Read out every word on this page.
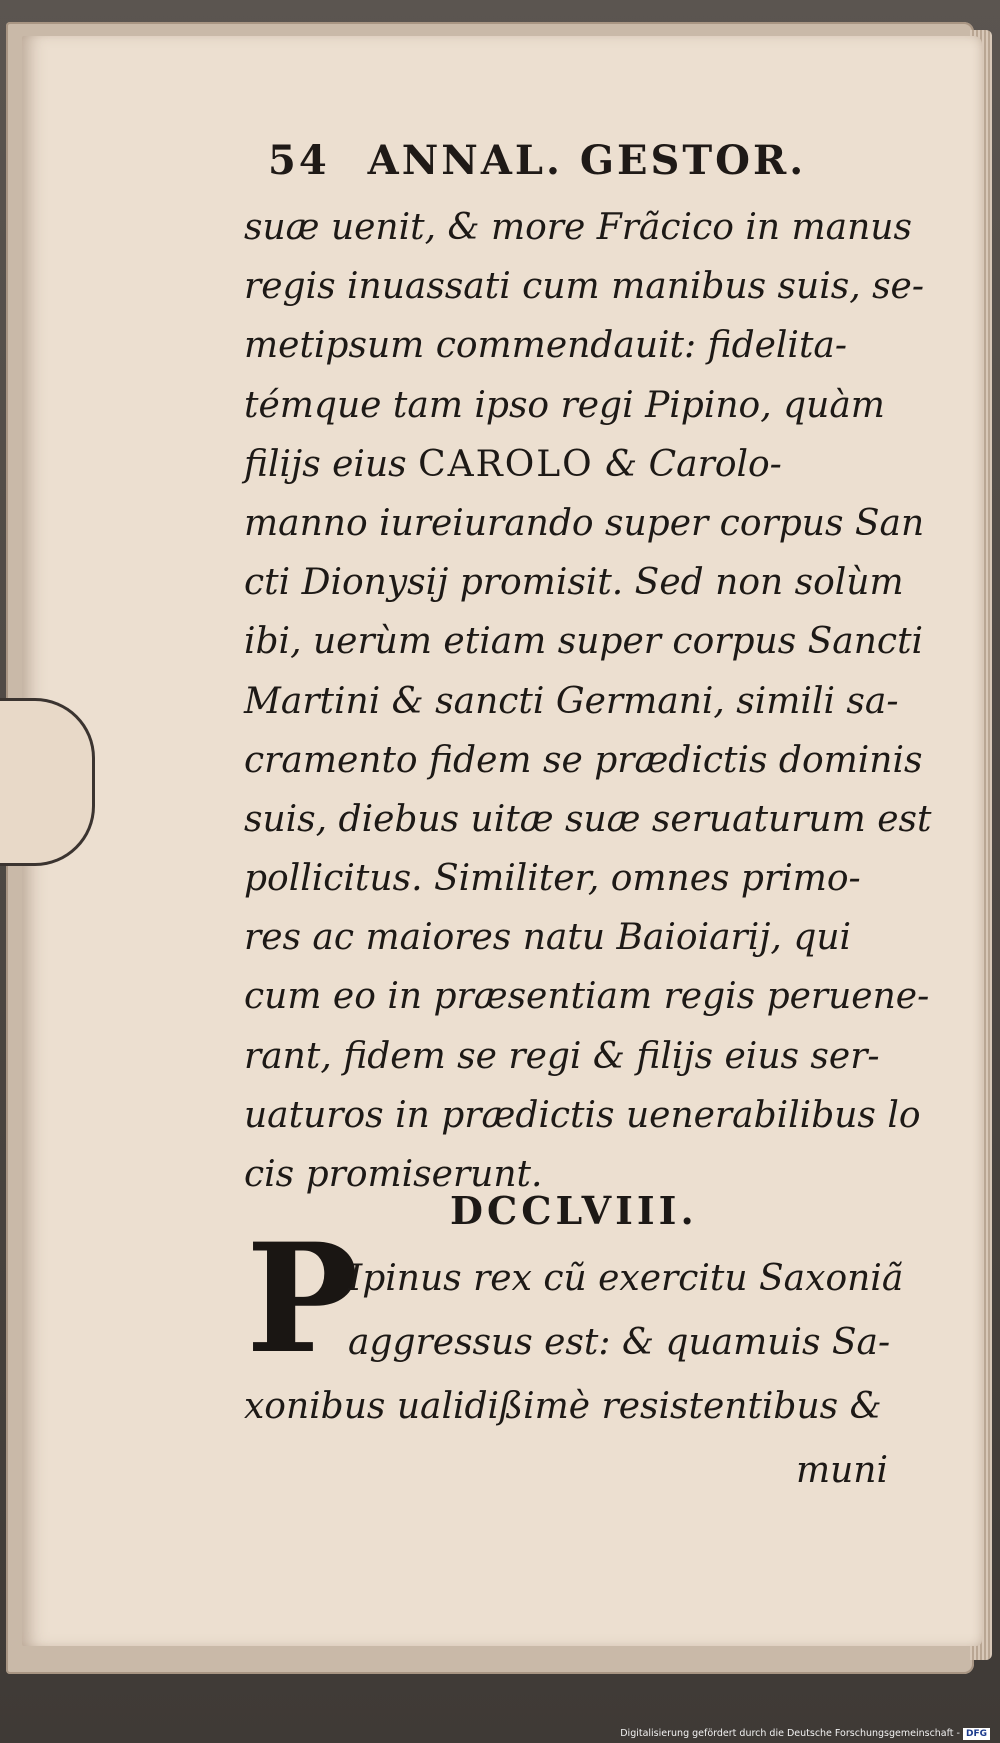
54 ANNAL. GESTOR.
suæ uenit, & more Frãcico in manus
regis inuassati cum manibus suis, se-
metipsum commendauit: fidelita-
témque tam ipso regi Pipino, quàm
filijs eius CAROLO & Carolo-
manno iureiurando super corpus San
cti Dionysij promisit. Sed non solùm
ibi, uerùm etiam super corpus Sancti
Martini & sancti Germani, simili sa-
cramento fidem se prædictis dominis
suis, diebus uitæ suæ seruaturum est
pollicitus. Similiter, omnes primo-
res ac maiores natu Baioiarij, qui
cum eo in præsentiam regis peruene-
rant, fidem se regi & filijs eius ser-
uaturos in prædictis uenerabilibus lo
cis promiserunt.
DCCLVIII.
P
Ipinus rex cũ exercitu Saxoniã
aggressus est: & quamuis Sa-
xonibus ualidißimè resistentibus &
muni
Digitalisierung gefördert durch die Deutsche Forschungsgemeinschaft - DFG
